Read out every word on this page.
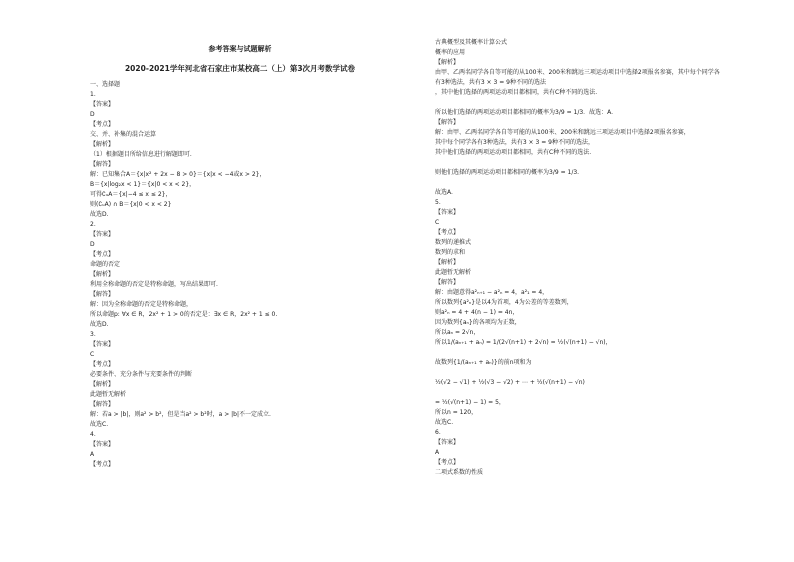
参考答案与试题解析
2020-2021学年河北省石家庄市某校高二（上）第3次月考数学试卷
一、选择题
1.
【答案】
D
【考点】
交、并、补集的混合运算
【解析】
（1）根据题目所给信息进行解题即可.
【解答】
解：已知集合A＝{x|x² + 2x − 8 > 0}＝{x|x < −4或x > 2}，
B＝{x|log₂x < 1}＝{x|0 < x < 2}，
可得∁ᵤA＝{x|−4 ≤ x ≤ 2}，
则(∁ᵤA) ∩ B＝{x|0 < x < 2}
故选D.
2.
【答案】
D
【考点】
命题的否定
【解析】
利用全称命题的否定是特称命题，写出结果即可.
【解答】
解：因为全称命题的否定是特称命题，
所以命题p: ∀x ∈ R，2x² + 1 > 0的否定是：∃x ∈ R，2x² + 1 ≤ 0.
故选D.
3.
【答案】
C
【考点】
必要条件、充分条件与充要条件的判断
【解析】
此题暂无解析
【解答】
解：若a > |b|，则a² > b²，但是当a² > b²时，a > |b|不一定成立.
故选C.
4.
【答案】
A
【考点】
古典概型及其概率计算公式
概率的应用
【解析】
由甲、乙两名同学各自等可能的从100米、200米和跳远三项运动项目中选择2项报名参赛，其中每个同学各
有3种选法，共有3 × 3 = 9种不同的选法
，其中他们选择的两项运动项目都相同，共有C种不同的选法.
所以他们选择的两项运动项目都相同的概率为3/9 = 1/3．故选：A.
【解答】
解：由甲、乙两名同学各自等可能的从100米、200米和跳远三项运动项目中选择2项报名参赛，
其中每个同学各有3种选法，共有3 × 3 = 9种不同的选法，
其中他们选择的两项运动项目都相同，共有C种不同的选法.
则他们选择的两项运动项目都相同的概率为3/9 = 1/3.
故选A.
5.
【答案】
C
【考点】
数列的递推式
数列的求和
【解析】
此题暂无解析
【解答】
解：由题意得a²ₙ₊₁ − a²ₙ = 4，a²₁ = 4，
所以数列{a²ₙ}是以4为首项，4为公差的等差数列，
则a²ₙ = 4 + 4(n − 1) = 4n，
因为数列{aₙ}的各项均为正数，
所以aₙ = 2√n，
所以1/(aₙ₊₁ + aₙ) = 1/(2√(n+1) + 2√n) = ½(√(n+1) − √n)，
故数列{1/(aₙ₊₁ + aₙ)}的前n项和为
½(√2 − √1) + ½(√3 − √2) + ⋯ + ½(√(n+1) − √n)
= ½(√(n+1) − 1) = 5，
所以n = 120，
故选C.
6.
【答案】
A
【考点】
二项式系数的性质
